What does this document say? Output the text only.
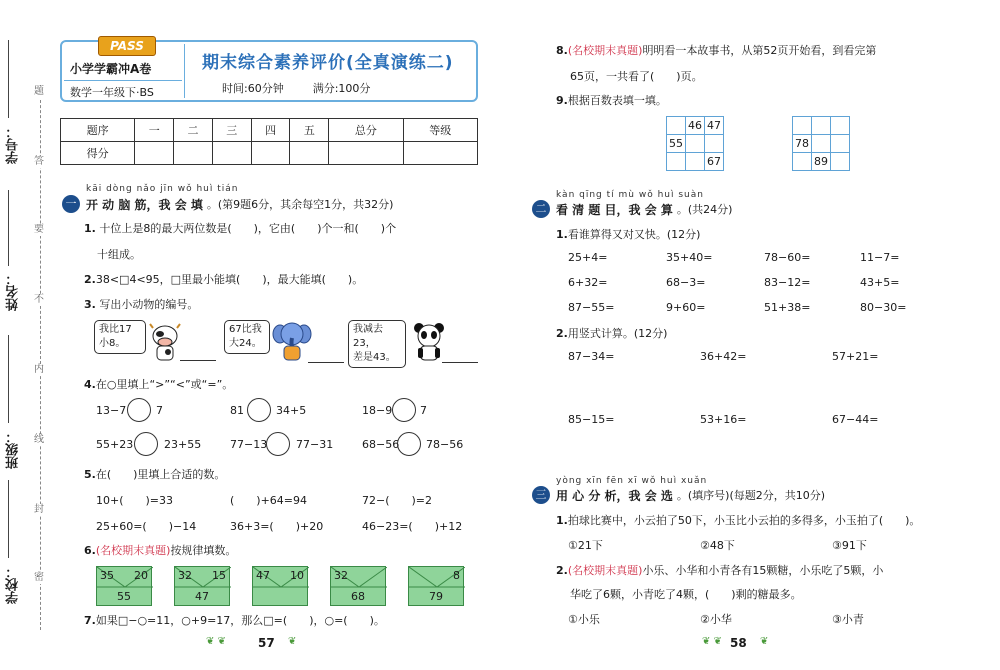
学号：
姓名：
班级：
学校：
题
答
要
不
内
线
封
密
PASS
小学学霸冲A卷
数学一年级下·BS
期末综合素养评价(全真演练二)
时间:60分钟	满分:100分
题序	一	二	三	四	五	总分	等级
得分							
kāi dòng nǎo jīn wǒ huì tián
一 开 动 脑 筋，我 会 填 。(第9题6分，其余每空1分，共32分)
1. 十位上是8的最大两位数是(　　)，它由(　　)个一和(　　)个
十组成。
2.38<□4<95，□里最小能填(　　)，最大能填(　　)。
3. 写出小动物的编号。
我比17
小8。
67比我
大24。
我减去23，
差是43。
4.在○里填上“>”“<”或“=”。
13−7	7	81	34+5	18−9	7
55+23	23+55	77−13	77−31	68−56 78−56
5.在(　　)里填上合适的数。
10+(　　)=33	(　　)+64=94	72−(　　)=2
25+60=(　　)−14	36+3=(　　)+20	46−23=(　　)+12
6.(名校期末真题)按规律填数。
35 20
55
32 15
47
47 10	32
68
8
79
7.如果□−○=11，○+9=17，那么□=(　　)，○=(　　)。
❦ ❦	57 ❦
8.(名校期末真题)明明看一本故事书，从第52页开始看，到看完第
65页，一共看了(　　)页。
9.根据百数表填一填。
	46	47
55		
		67

78		
	89	
kàn qīng tí mù wǒ huì suàn
二 看 清 题 目，我 会 算 。(共24分)
1.看谁算得又对又快。(12分)
25+4=	35+40=	78−60=	11−7=
6+32=	68−3=	83−12=	43+5=
87−55=	9+60=	51+38=	80−30=
2.用竖式计算。(12分)
87−34=	36+42=	57+21=
85−15=	53+16=	67−44=
yòng xīn fēn xī wǒ huì xuǎn
三 用 心 分 析，我 会 选 。(填序号)(每题2分，共10分)
1.拍球比赛中，小云拍了50下，小玉比小云拍的多得多，小玉拍了(　　)。
①21下	②48下	③91下
2.(名校期末真题)小乐、小华和小青各有15颗糖，小乐吃了5颗，小
华吃了6颗，小青吃了4颗，(　　)剩的糖最多。
①小乐	②小华	③小青
❦ ❦ 58 ❦
